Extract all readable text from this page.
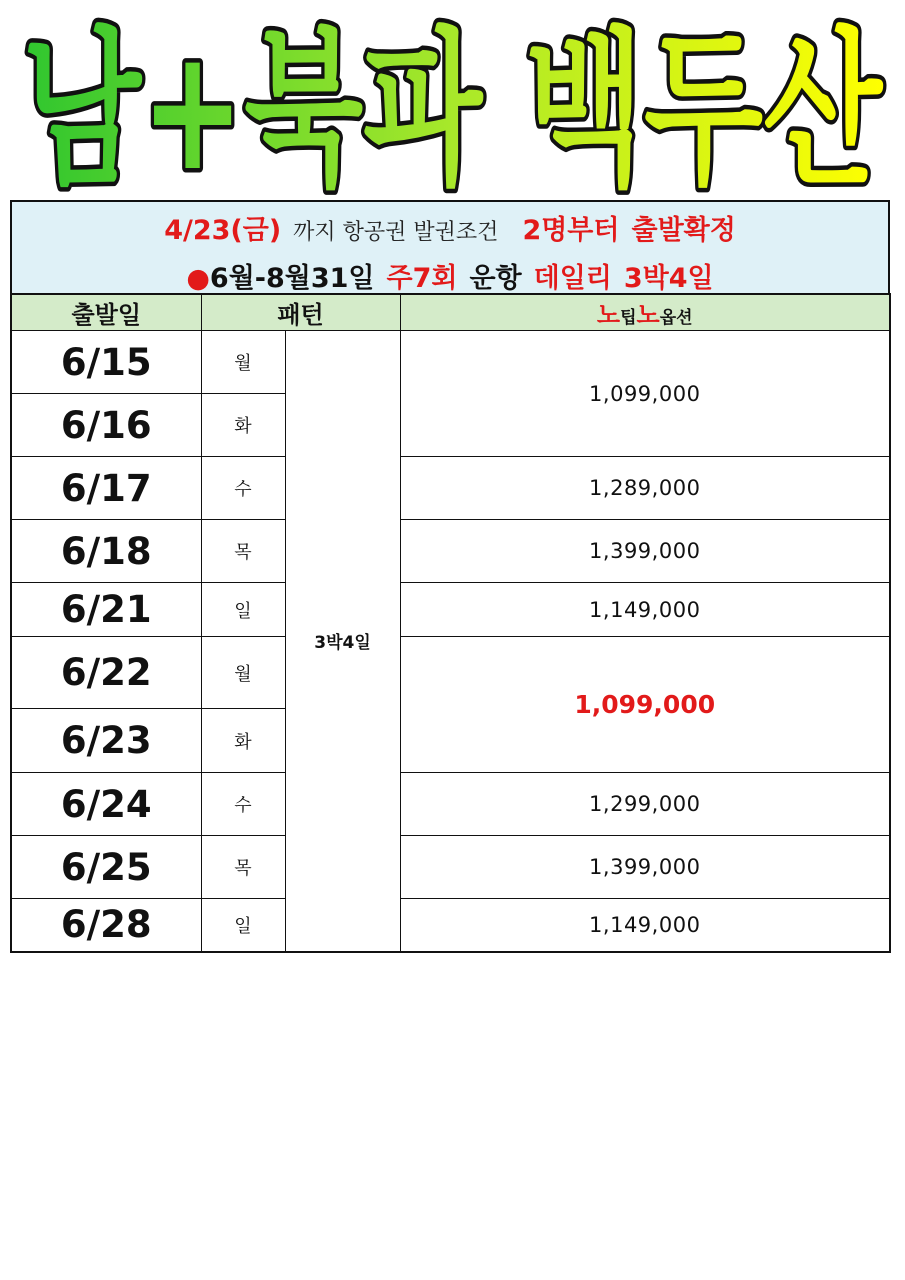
남+북파 백두산
4/23(금) 까지 항공권 발권조건 2명부터 출발확정
●6월-8월31일 주7회 운항 데일리 3박4일
출발일	패턴		노팁노옵션
6/15	월	3박4일	1,099,000
6/16	화		
6/17	수		1,289,000
6/18	목		1,399,000
6/21	일		1,149,000
6/22	월		1,099,000
6/23	화		
6/24	수		1,299,000
6/25	목		1,399,000
6/28	일		1,149,000
